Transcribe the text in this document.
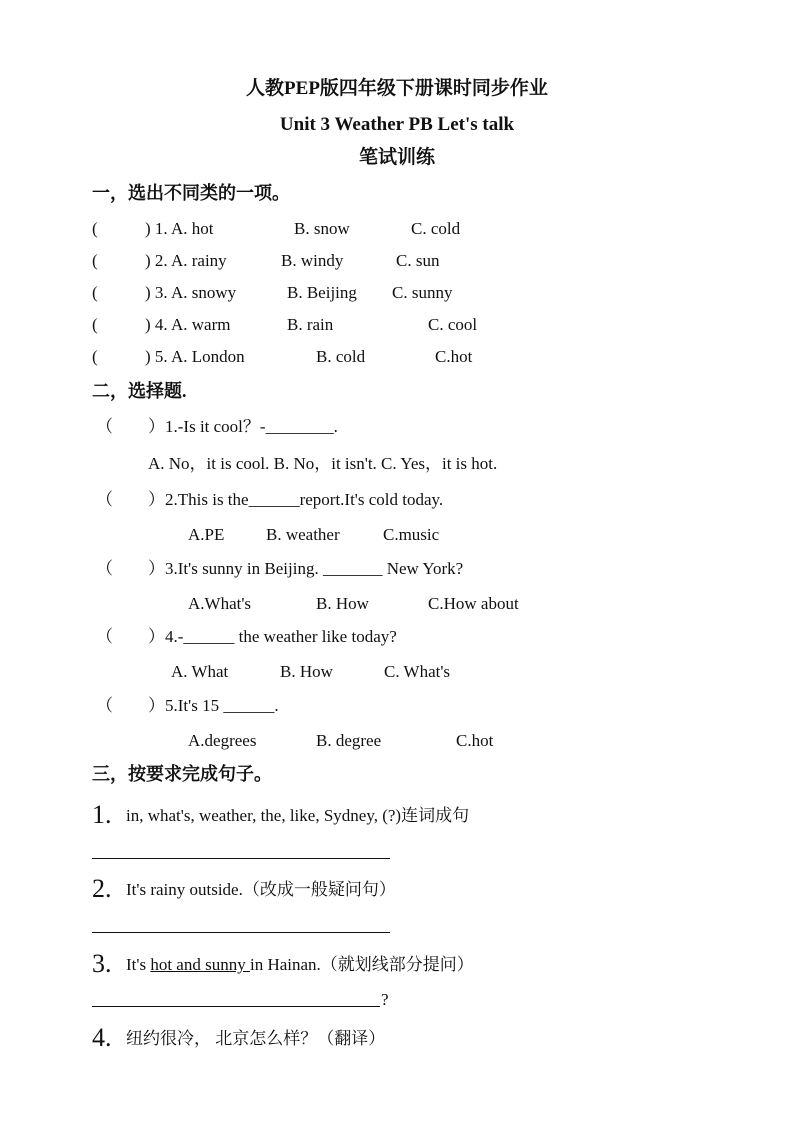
人教PEP版四年级下册课时同步作业
Unit 3 Weather PB Let's talk
笔试训练
一，选出不同类的一项。
(	) 1. A. hot	B. snow	C. cold
(	) 2. A. rainy	B. windy	C. sun
(	) 3. A. snowy	B. Beijing C. sunny
(	) 4. A. warm	B. rain	C. cool
(	) 5. A. London	B. cold	C.hot
二，选择题.
（ ）1.-Is it cool？-________.
A. No，it is cool. B. No，it isn't. C. Yes，it is hot.
（ ）2.This is the______report.It's cold today.
A.PE B. weather	C.music
（ ）3.It's sunny in Beijing. _______ New York?
A.What's	B. How	C.How about
（ ）4.-______ the weather like today?
A. What	B. How	C. What's
（ ）5.It's 15 ______.
A.degrees	B. degree	C.hot
三，按要求完成句子。
1. in, what's, weather, the, like, Sydney, (?)连词成句
2. It's rainy outside.（改成一般疑问句）
3. It's hot and sunny in Hainan.（就划线部分提问）
?
4. 纽约很冷， 北京怎么样？（翻译）
